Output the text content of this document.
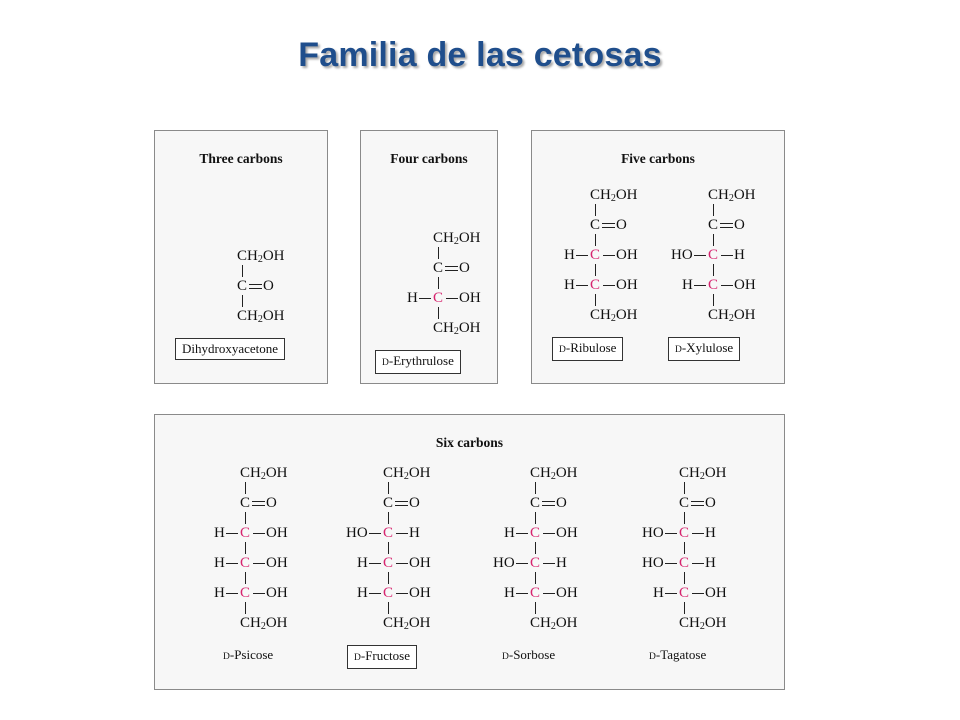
Familia de las cetosas
Three carbons
$CH_2OH$
C O
$CH_2OH$
Dihydroxyacetone
Four carbons
$CH_2OH$
C O
C
H	OH
$CH_2OH$
D-Erythrulose
Five carbons
$CH_2OH$
C O
C
H	OH
C
H	OH
$CH_2OH$
D-Ribulose
$CH_2OH$
C O
C
HO	H
C
H	OH
$CH_2OH$
D-Xylulose
Six carbons
$CH_2OH$
C O
C
H	OH
C
H	OH
C
H	OH
$CH_2OH$
D-Psicose
$CH_2OH$
C O
C
HO	H
C
H	OH
C
H	OH
$CH_2OH$
D-Fructose
$CH_2OH$
C O
C
H	OH
C
HO	H
C
H	OH
$CH_2OH$
D-Sorbose
$CH_2OH$
C O
C
HO	H
C
HO	H
C
H	OH
$CH_2OH$
D-Tagatose
